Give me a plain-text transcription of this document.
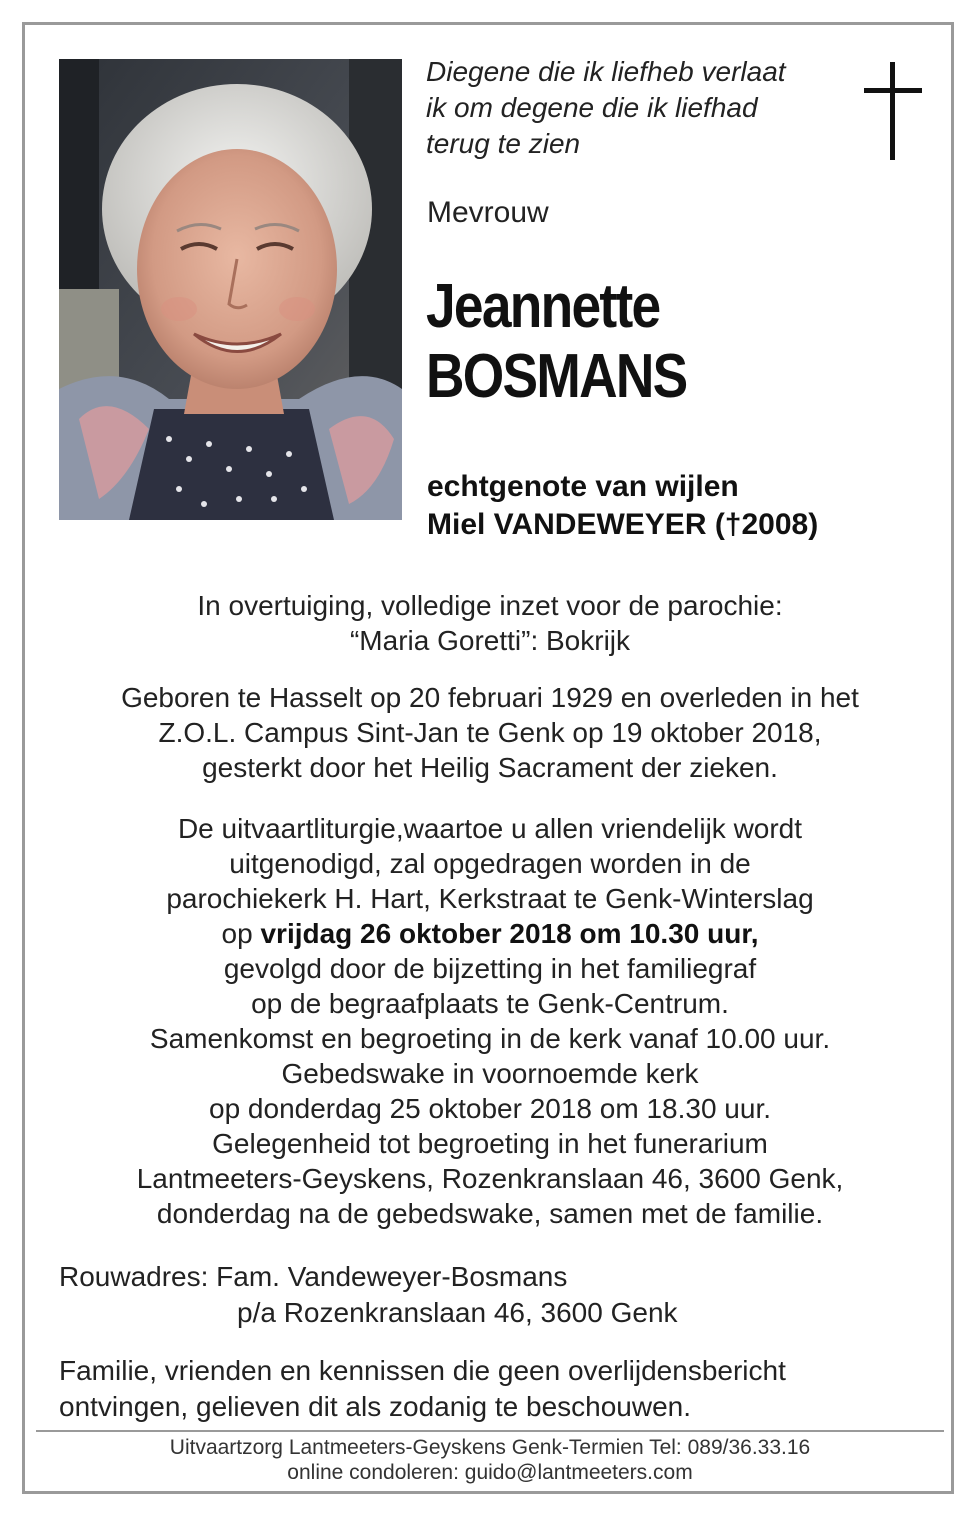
Diegene die ik liefheb verlaat
ik om degene die ik liefhad
terug te zien
Mevrouw
Jeannette
BOSMANS
echtgenote van wijlen
Miel VANDEWEYER (†2008)
In overtuiging, volledige inzet voor de parochie:
“Maria Goretti”: Bokrijk
Geboren te Hasselt op 20 februari 1929 en overleden in het
Z.O.L. Campus Sint-Jan te Genk op 19 oktober 2018,
gesterkt door het Heilig Sacrament der zieken.
De uitvaartliturgie,waartoe u allen vriendelijk wordt
uitgenodigd, zal opgedragen worden in de
parochiekerk H. Hart, Kerkstraat te Genk-Winterslag
op vrijdag 26 oktober 2018 om 10.30 uur,
gevolgd door de bijzetting in het familiegraf
op de begraafplaats te Genk-Centrum.
Samenkomst en begroeting in de kerk vanaf 10.00 uur.
Gebedswake in voornoemde kerk
op donderdag 25 oktober 2018 om 18.30 uur.
Gelegenheid tot begroeting in het funerarium
Lantmeeters-Geyskens, Rozenkranslaan 46, 3600 Genk,
donderdag na de gebedswake, samen met de familie.
Rouwadres: Fam. Vandeweyer-Bosmans
p/a Rozenkranslaan 46, 3600 Genk
Familie, vrienden en kennissen die geen overlijdensbericht
ontvingen, gelieven dit als zodanig te beschouwen.
Uitvaartzorg Lantmeeters-Geyskens Genk-Termien Tel: 089/36.33.16
online condoleren: guido@lantmeeters.com
